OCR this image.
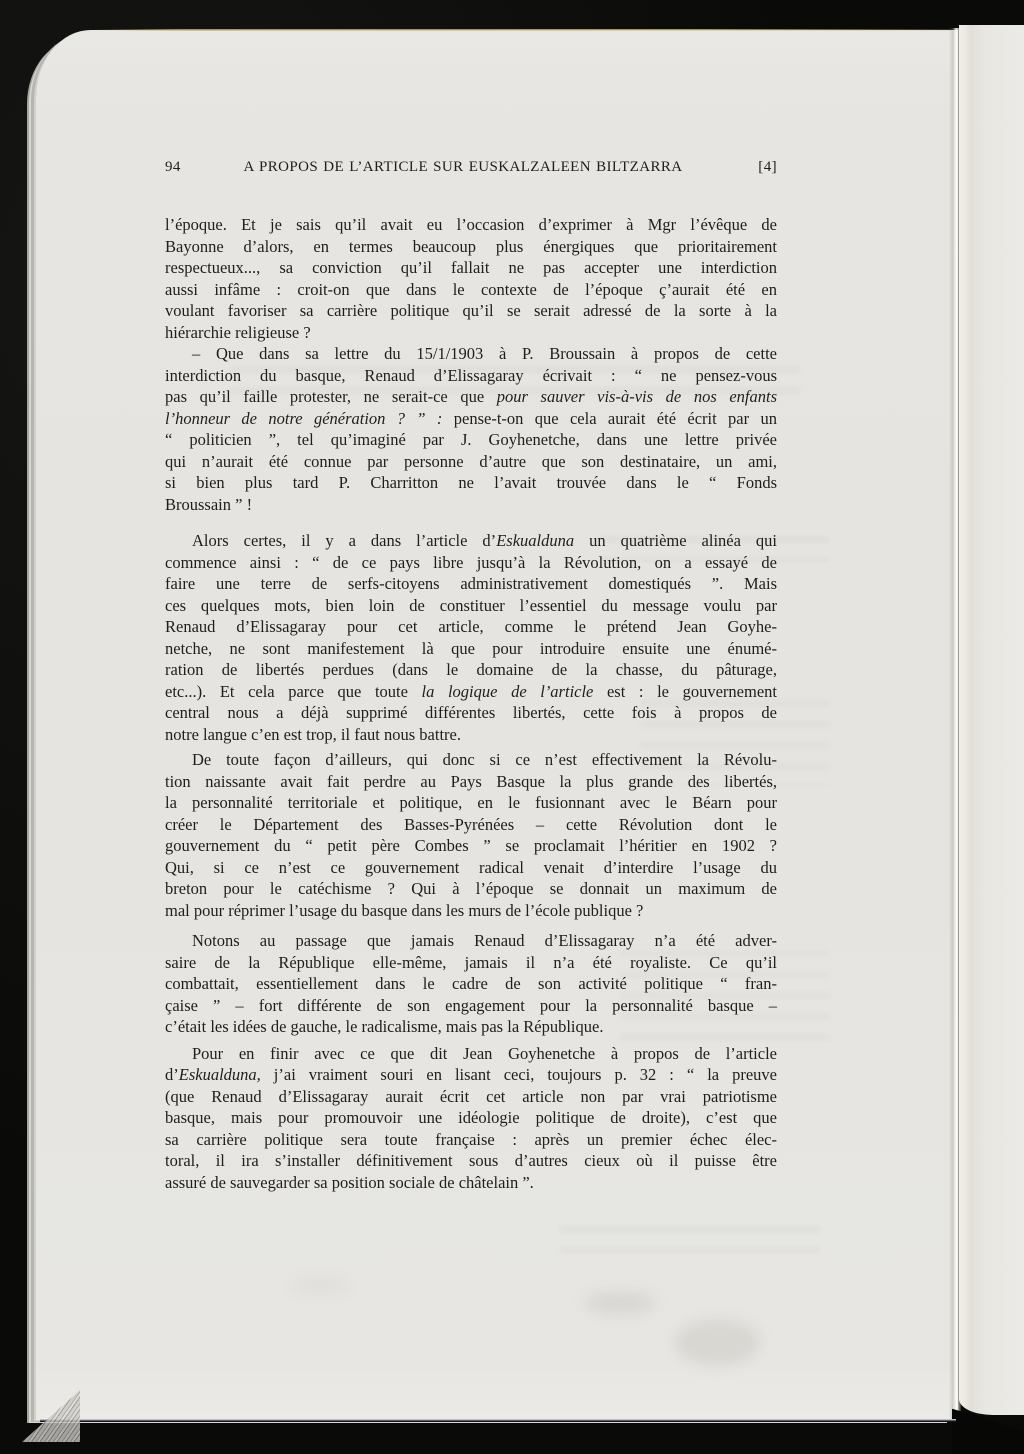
94	A PROPOS DE L’ARTICLE SUR EUSKALZALEEN BILTZARRA	[4]
l’époque. Et je sais qu’il avait eu l’occasion d’exprimer à Mgr l’évêque de
Bayonne d’alors, en termes beaucoup plus énergiques que prioritairement
respectueux..., sa conviction qu’il fallait ne pas accepter une interdiction
aussi infâme : croit-on que dans le contexte de l’époque ç’aurait été en
voulant favoriser sa carrière politique qu’il se serait adressé de la sorte à la
hiérarchie religieuse ?
– Que dans sa lettre du 15/1/1903 à P. Broussain à propos de cette
interdiction du basque, Renaud d’Elissagaray écrivait : “ ne pensez-vous
pas qu’il faille protester, ne serait-ce que pour sauver vis-à-vis de nos enfants
l’honneur de notre génération ? ” : pense-t-on que cela aurait été écrit par un
“ politicien ”, tel qu’imaginé par J. Goyhenetche, dans une lettre privée
qui n’aurait été connue par personne d’autre que son destinataire, un ami,
si bien plus tard P. Charritton ne l’avait trouvée dans le “ Fonds
Broussain ” !
Alors certes, il y a dans l’article d’Eskualduna un quatrième alinéa qui
commence ainsi : “ de ce pays libre jusqu’à la Révolution, on a essayé de
faire une terre de serfs-citoyens administrativement domestiqués ”. Mais
ces quelques mots, bien loin de constituer l’essentiel du message voulu par
Renaud d’Elissagaray pour cet article, comme le prétend Jean Goyhe-
netche, ne sont manifestement là que pour introduire ensuite une énumé-
ration de libertés perdues (dans le domaine de la chasse, du pâturage,
etc...). Et cela parce que toute la logique de l’article est : le gouvernement
central nous a déjà supprimé différentes libertés, cette fois à propos de
notre langue c’en est trop, il faut nous battre.
De toute façon d’ailleurs, qui donc si ce n’est effectivement la Révolu-
tion naissante avait fait perdre au Pays Basque la plus grande des libertés,
la personnalité territoriale et politique, en le fusionnant avec le Béarn pour
créer le Département des Basses-Pyrénées – cette Révolution dont le
gouvernement du “ petit père Combes ” se proclamait l’héritier en 1902 ?
Qui, si ce n’est ce gouvernement radical venait d’interdire l’usage du
breton pour le catéchisme ? Qui à l’époque se donnait un maximum de
mal pour réprimer l’usage du basque dans les murs de l’école publique ?
Notons au passage que jamais Renaud d’Elissagaray n’a été adver-
saire de la République elle-même, jamais il n’a été royaliste. Ce qu’il
combattait, essentiellement dans le cadre de son activité politique “ fran-
çaise ” – fort différente de son engagement pour la personnalité basque –
c’était les idées de gauche, le radicalisme, mais pas la République.
Pour en finir avec ce que dit Jean Goyhenetche à propos de l’article
d’Eskualduna, j’ai vraiment souri en lisant ceci, toujours p. 32 : “ la preuve
(que Renaud d’Elissagaray aurait écrit cet article non par vrai patriotisme
basque, mais pour promouvoir une idéologie politique de droite), c’est que
sa carrière politique sera toute française : après un premier échec élec-
toral, il ira s’installer définitivement sous d’autres cieux où il puisse être
assuré de sauvegarder sa position sociale de châtelain ”.
